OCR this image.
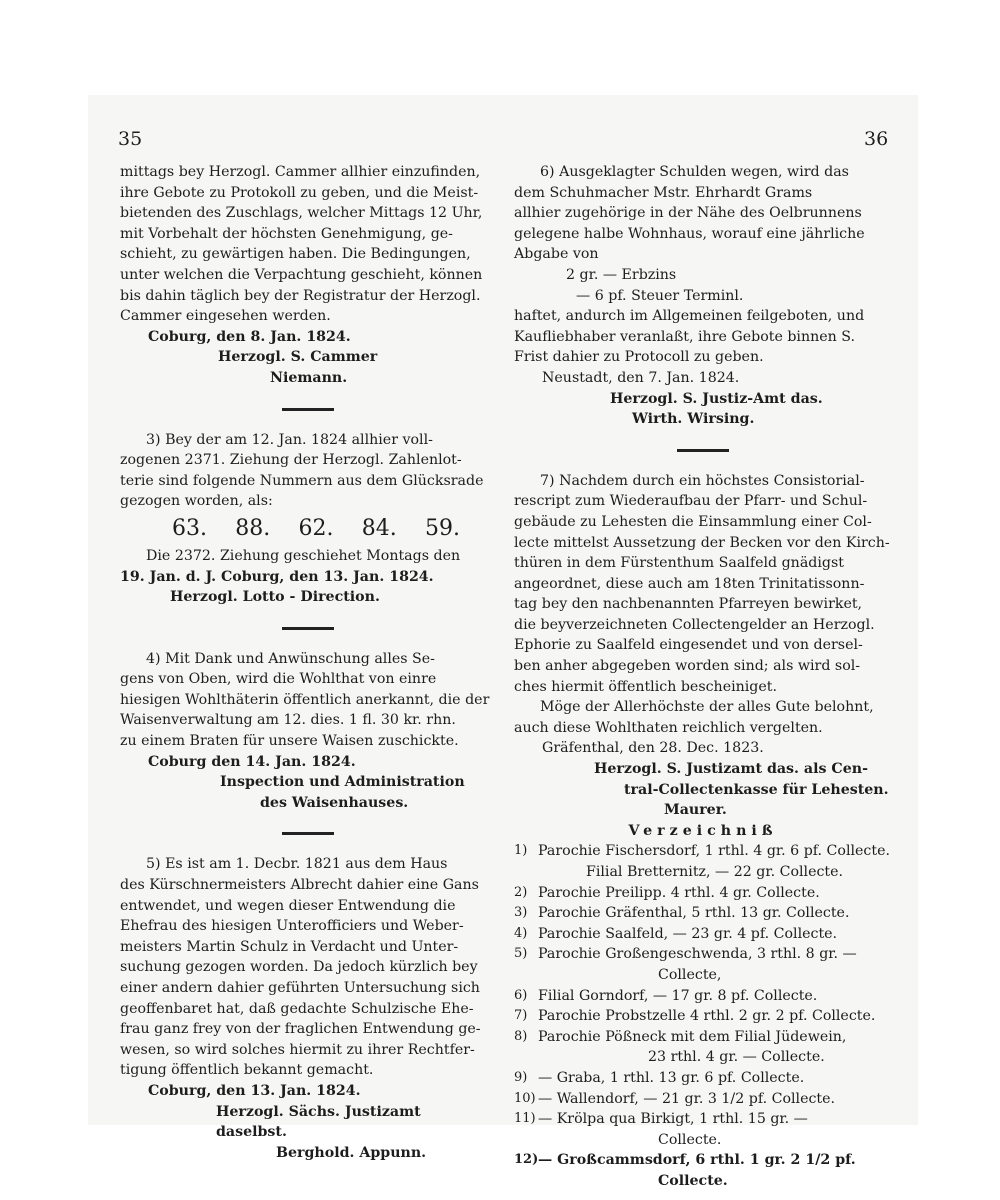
35	36

mittags bey Herzogl. Cammer allhier einzufinden,

ihre Gebote zu Protokoll zu geben, und die Meist-

bietenden des Zuschlags, welcher Mittags 12 Uhr,

mit Vorbehalt der höchsten Genehmigung, ge-

schieht, zu gewärtigen haben. Die Bedingungen,

unter welchen die Verpachtung geschieht, können

bis dahin täglich bey der Registratur der Herzogl.

Cammer eingesehen werden.

Coburg, den 8. Jan. 1824.

Herzogl. S. Cammer

Niemann.

3) Bey der am 12. Jan. 1824 allhier voll-

zogenen 2371. Ziehung der Herzogl. Zahlenlot-

terie sind folgende Nummern aus dem Glücksrade

gezogen worden, als:

63. 88. 62. 84. 59.

Die 2372. Ziehung geschiehet Montags den

19. Jan. d. J. Coburg, den 13. Jan. 1824.

Herzogl. Lotto - Direction.

4) Mit Dank und Anwünschung alles Se-

gens von Oben, wird die Wohlthat von einre

hiesigen Wohlthäterin öffentlich anerkannt, die der

Waisenverwaltung am 12. dies. 1 fl. 30 kr. rhn.

zu einem Braten für unsere Waisen zuschickte.

Coburg den 14. Jan. 1824.

Inspection und Administration

des Waisenhauses.

5) Es ist am 1. Decbr. 1821 aus dem Haus

des Kürschnermeisters Albrecht dahier eine Gans

entwendet, und wegen dieser Entwendung die

Ehefrau des hiesigen Unterofficiers und Weber-

meisters Martin Schulz in Verdacht und Unter-

suchung gezogen worden. Da jedoch kürzlich bey

einer andern dahier geführten Untersuchung sich

geoffenbaret hat, daß gedachte Schulzische Ehe-

frau ganz frey von der fraglichen Entwendung ge-

wesen, so wird solches hiermit zu ihrer Rechtfer-

tigung öffentlich bekannt gemacht.

Coburg, den 13. Jan. 1824.

Herzogl. Sächs. Justizamt daselbst.

Berghold. Appunn.

6) Ausgeklagter Schulden wegen, wird das

dem Schuhmacher Mstr. Ehrhardt Grams

allhier zugehörige in der Nähe des Oelbrunnens

gelegene halbe Wohnhaus, worauf eine jährliche

Abgabe von

2 gr. — Erbzins

— 6 pf. Steuer Terminl.

haftet, andurch im Allgemeinen feilgeboten, und

Kaufliebhaber veranlaßt, ihre Gebote binnen S.

Frist dahier zu Protocoll zu geben.

Neustadt, den 7. Jan. 1824.

Herzogl. S. Justiz-Amt das.

Wirth. Wirsing.

7) Nachdem durch ein höchstes Consistorial-

rescript zum Wiederaufbau der Pfarr- und Schul-

gebäude zu Lehesten die Einsammlung einer Col-

lecte mittelst Aussetzung der Becken vor den Kirch-

thüren in dem Fürstenthum Saalfeld gnädigst

angeordnet, diese auch am 18ten Trinitatissonn-

tag bey den nachbenannten Pfarreyen bewirket,

die beyverzeichneten Collectengelder an Herzogl.

Ephorie zu Saalfeld eingesendet und von dersel-

ben anher abgegeben worden sind; als wird sol-

ches hiermit öffentlich bescheiniget.

Möge der Allerhöchste der alles Gute belohnt,

auch diese Wohlthaten reichlich vergelten.

Gräfenthal, den 28. Dec. 1823.

Herzogl. S. Justizamt das. als Cen-

tral-Collectenkasse für Lehesten.

Maurer.

Verzeichniß

1) Parochie Fischersdorf, 1 rthl. 4 gr. 6 pf. Collecte.
Filial Bretternitz, — 22 gr. Collecte.
2) Parochie Preilipp. 4 rthl. 4 gr. Collecte.
3) Parochie Gräfenthal, 5 rthl. 13 gr. Collecte.
4) Parochie Saalfeld, — 23 gr. 4 pf. Collecte.
5) Parochie Großengeschwenda, 3 rthl. 8 gr. —
Collecte,
6) Filial Gorndorf, — 17 gr. 8 pf. Collecte.
7) Parochie Probstzelle 4 rthl. 2 gr. 2 pf. Collecte.
8) Parochie Pößneck mit dem Filial Jüdewein,
23 rthl. 4 gr. — Collecte.
9) — Graba, 1 rthl. 13 gr. 6 pf. Collecte.
10) — Wallendorf, — 21 gr. 3 1/2 pf. Collecte.
11) — Krölpa qua Birkigt, 1 rthl. 15 gr. —
Collecte.
12) — Großcammsdorf, 6 rthl. 1 gr. 2 1/2 pf.
Collecte.
